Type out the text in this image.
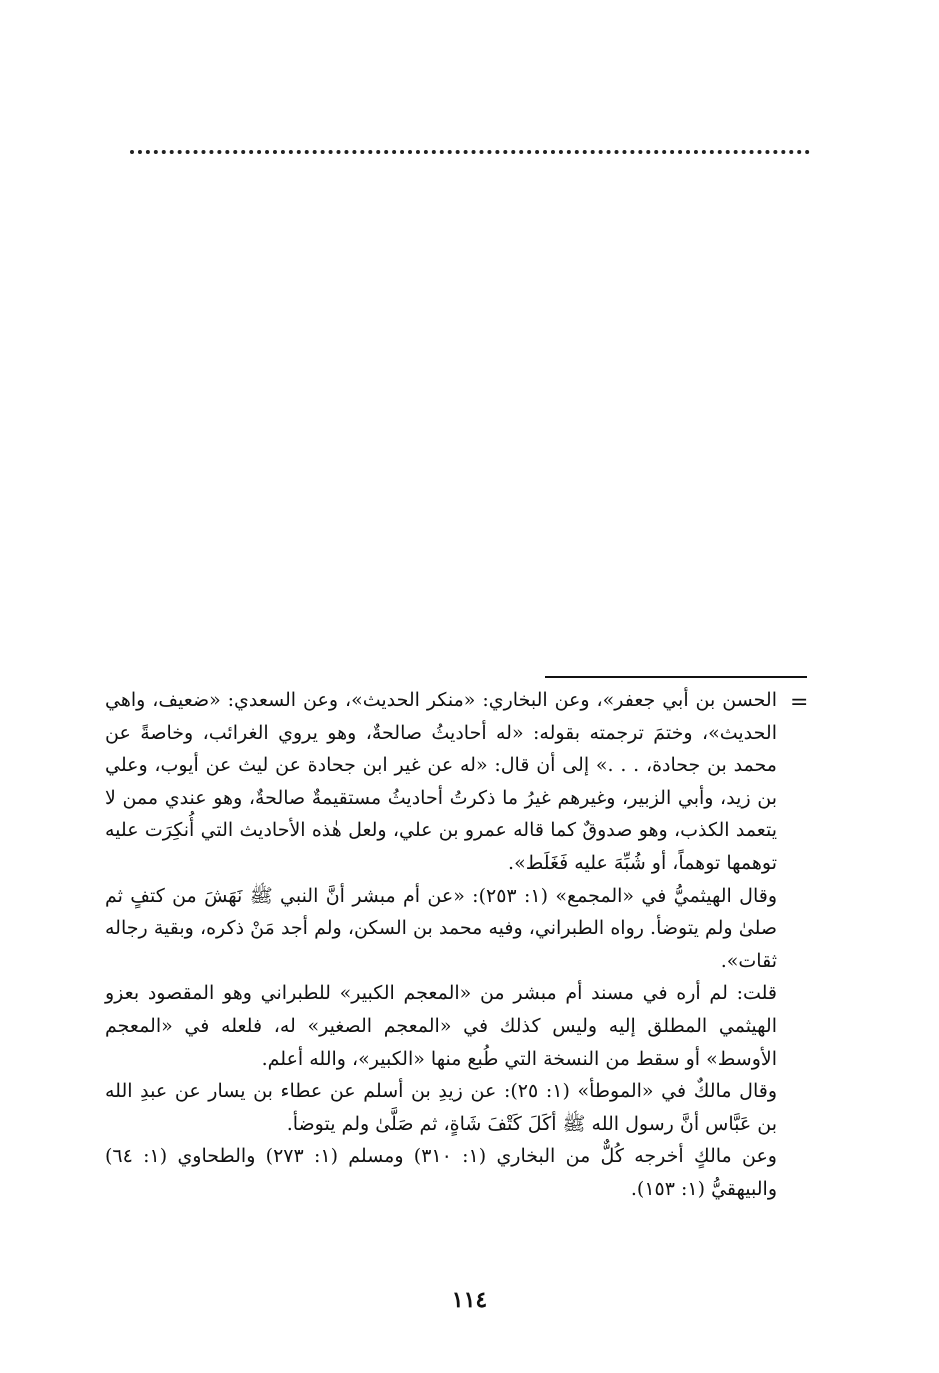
=

الحسن بن أبي جعفر»، وعن البخاري: «منكر الحديث»، وعن السعدي: «ضعيف، واهي الحديث»، وختمَ ترجمته بقوله: «له أحاديثُ صالحةٌ، وهو يروي الغرائب، وخاصةً عن محمد بن جحادة، . . .» إلى أن قال: «له عن غير ابن جحادة عن ليث عن أيوب، وعلي بن زيد، وأبي الزبير، وغيرهم غيرُ ما ذكرتُ أحاديثُ مستقيمةٌ صالحةٌ، وهو عندي ممن لا يتعمد الكذب، وهو صدوقٌ كما قاله عمرو بن علي، ولعل هٰذه الأحاديث التي أُنكِرَت عليه توهمها توهماً، أو شُبِّهَ عليه فَغَلَط».

وقال الهيثميُّ في «المجمع» (١: ٢٥٣): «عن أم مبشر أنَّ النبي ﷺ نَهَشَ من كتفٍ ثم صلىٰ ولم يتوضأ. رواه الطبراني، وفيه محمد بن السكن، ولم أجد مَنْ ذكره، وبقية رجاله ثقات».

قلت: لم أره في مسند أم مبشر من «المعجم الكبير» للطبراني وهو المقصود بعزو الهيثمي المطلق إليه وليس كذلك في «المعجم الصغير» له، فلعله في «المعجم الأوسط» أو سقط من النسخة التي طُبع منها «الكبير»، والله أعلم.

وقال مالكٌ في «الموطأ» (١: ٢٥): عن زيدِ بن أسلم عن عطاء بن يسار عن عبدِ الله بن عَبَّاس أنَّ رسول الله ﷺ أكَلَ كَتْفَ شَاةٍ، ثم صَلَّىٰ ولم يتوضأ.

وعن مالكٍ أخرجه كُلٌّ من البخاري (١: ٣١٠) ومسلم (١: ٢٧٣) والطحاوي (١: ٦٤) والبيهقيُّ (١: ١٥٣).

١١٤
